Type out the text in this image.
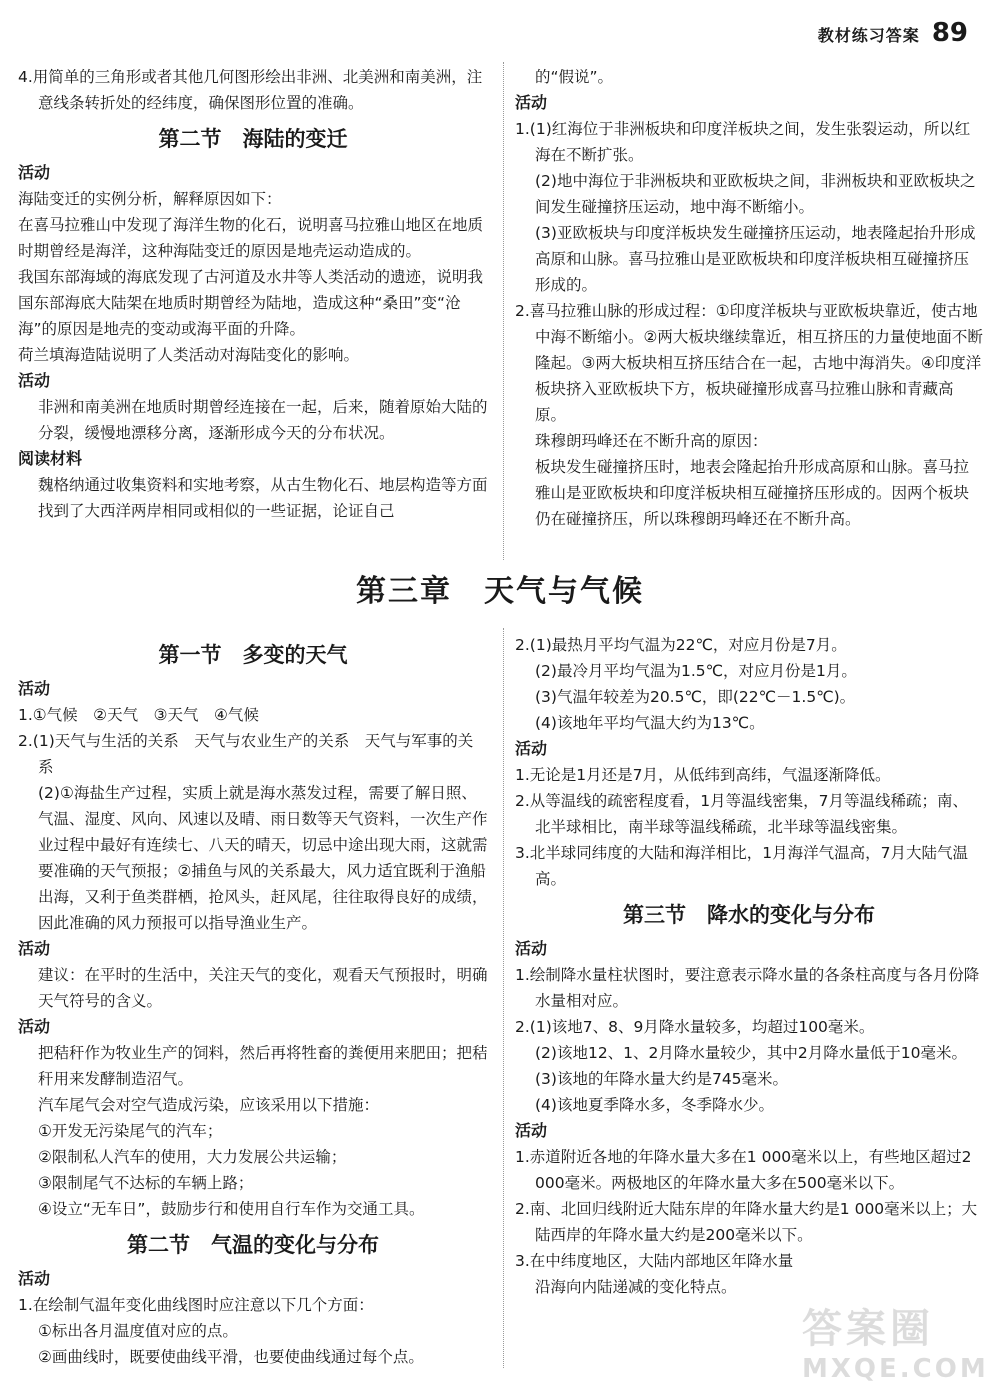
教材练习答案 89

4.用简单的三角形或者其他几何图形绘出非洲、北美洲和南美洲，注意线条转折处的经纬度，确保图形位置的准确。

第二节　海陆的变迁

活动

海陆变迁的实例分析，解释原因如下：

在喜马拉雅山中发现了海洋生物的化石，说明喜马拉雅山地区在地质时期曾经是海洋，这种海陆变迁的原因是地壳运动造成的。

我国东部海域的海底发现了古河道及水井等人类活动的遗迹，说明我国东部海底大陆架在地质时期曾经为陆地，造成这种“桑田”变“沧海”的原因是地壳的变动或海平面的升降。

荷兰填海造陆说明了人类活动对海陆变化的影响。

活动

非洲和南美洲在地质时期曾经连接在一起，后来，随着原始大陆的分裂，缓慢地漂移分离，逐渐形成今天的分布状况。

阅读材料

魏格纳通过收集资料和实地考察，从古生物化石、地层构造等方面找到了大西洋两岸相同或相似的一些证据，论证自己

的“假说”。

活动

1.(1)红海位于非洲板块和印度洋板块之间，发生张裂运动，所以红海在不断扩张。

(2)地中海位于非洲板块和亚欧板块之间，非洲板块和亚欧板块之间发生碰撞挤压运动，地中海不断缩小。

(3)亚欧板块与印度洋板块发生碰撞挤压运动，地表隆起抬升形成高原和山脉。喜马拉雅山是亚欧板块和印度洋板块相互碰撞挤压形成的。

2.喜马拉雅山脉的形成过程：①印度洋板块与亚欧板块靠近，使古地中海不断缩小。②两大板块继续靠近，相互挤压的力量使地面不断隆起。③两大板块相互挤压结合在一起，古地中海消失。④印度洋板块挤入亚欧板块下方，板块碰撞形成喜马拉雅山脉和青藏高原。

珠穆朗玛峰还在不断升高的原因：

板块发生碰撞挤压时，地表会隆起抬升形成高原和山脉。喜马拉雅山是亚欧板块和印度洋板块相互碰撞挤压形成的。因两个板块仍在碰撞挤压，所以珠穆朗玛峰还在不断升高。

第三章　天气与气候
第一节　多变的天气

活动

1.①气候　②天气　③天气　④气候

2.(1)天气与生活的关系　天气与农业生产的关系　天气与军事的关系

(2)①海盐生产过程，实质上就是海水蒸发过程，需要了解日照、气温、湿度、风向、风速以及晴、雨日数等天气资料，一次生产作业过程中最好有连续七、八天的晴天，切忌中途出现大雨，这就需要准确的天气预报；②捕鱼与风的关系最大，风力适宜既利于渔船出海，又利于鱼类群栖，抢风头，赶风尾，往往取得良好的成绩，因此准确的风力预报可以指导渔业生产。

活动

建议：在平时的生活中，关注天气的变化，观看天气预报时，明确天气符号的含义。

活动

把秸秆作为牧业生产的饲料，然后再将牲畜的粪便用来肥田；把秸秆用来发酵制造沼气。

汽车尾气会对空气造成污染，应该采用以下措施：

①开发无污染尾气的汽车；

②限制私人汽车的使用，大力发展公共运输；

③限制尾气不达标的车辆上路；

④设立“无车日”，鼓励步行和使用自行车作为交通工具。

第二节　气温的变化与分布

活动

1.在绘制气温年变化曲线图时应注意以下几个方面：

①标出各月温度值对应的点。

②画曲线时，既要使曲线平滑，也要使曲线通过每个点。

2.(1)最热月平均气温为22℃，对应月份是7月。

(2)最冷月平均气温为1.5℃，对应月份是1月。

(3)气温年较差为20.5℃，即(22℃－1.5℃)。

(4)该地年平均气温大约为13℃。

活动

1.无论是1月还是7月，从低纬到高纬，气温逐渐降低。

2.从等温线的疏密程度看，1月等温线密集，7月等温线稀疏；南、北半球相比，南半球等温线稀疏，北半球等温线密集。

3.北半球同纬度的大陆和海洋相比，1月海洋气温高，7月大陆气温高。

第三节　降水的变化与分布

活动

1.绘制降水量柱状图时，要注意表示降水量的各条柱高度与各月份降水量相对应。

2.(1)该地7、8、9月降水量较多，均超过100毫米。

(2)该地12、1、2月降水量较少，其中2月降水量低于10毫米。

(3)该地的年降水量大约是745毫米。

(4)该地夏季降水多，冬季降水少。

活动

1.赤道附近各地的年降水量大多在1 000毫米以上，有些地区超过2 000毫米。两极地区的年降水量大多在500毫米以下。

2.南、北回归线附近大陆东岸的年降水量大约是1 000毫米以上；大陆西岸的年降水量大约是200毫米以下。

3.在中纬度地区，大陆内部地区年降水量

沿海向内陆递减的变化特点。

答案圈
MXQE.COM
